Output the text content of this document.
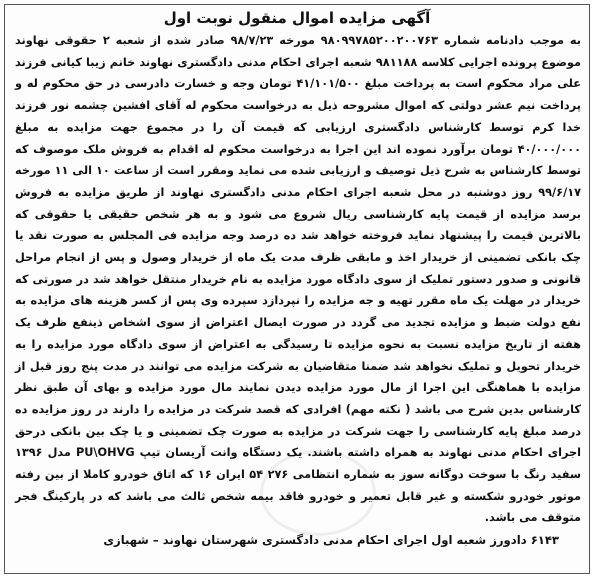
آگهی مزایده اموال منقول نوبت اول

به موجب دادنامه شماره ۹۸۰۹۹۷۸۵۲۰۰۲۰۰۷۶۳ مورخه ۹۸/۷/۲۳ صادر شده از شعبه ۲ حقوقی نهاوند موضوع پرونده اجرایی کلاسه ۹۸۱۱۸۸ شعبه اجرای احکام مدنی دادگستری نهاوند خانم زیبا کیانی فرزند علی مراد محکوم است به پرداخت مبلغ ۴۱/۱۰۱/۵۰۰ تومان وجه و خسارت دادرسی در حق محکوم له و پرداخت نیم عشر دولتی که اموال مشروحه ذیل به درخواست محکوم له آقای افشین چشمه نور فرزند خدا کرم توسط کارشناس دادگستری ارزیابی که قیمت آن را در مجموع جهت مزایده به مبلغ ۴۰/۰۰۰/۰۰۰ تومان برآورد نموده اند این اجرا به درخواست محکوم له اقدام به فروش ملک موصوف که توسط کارشناس به شرح ذیل توصیف و ارزیابی شده می نماید ومقرر است از ساعت ۱۰ الی ۱۱ مورخه ۹۹/۶/۱۷ روز دوشنبه در محل شعبه اجرای احکام مدنی دادگستری نهاوند از طریق مزایده به فروش برسد مزایده از قیمت پایه کارشناسی ریال شروع می شود و به هر شخص حقیقی یا حقوقی که بالاترین قیمت را پیشنهاد نماید فروخته خواهد شد ده درصد وجه مزایده فی المجلس به صورت نقد یا چک بانکی تضمینی از خریدار اخذ و مابقی ظرف مدت یک ماه از خریدار وصول و پس از انجام مراحل قانونی و صدور دستور تملیک از سوی دادگاه مورد مزایده به نام خریدار منتقل خواهد شد در صورتی که خریدار در مهلت یک ماه مقرر تهیه و جه مزایده را نپردازد سپرده وی پس از کسر هزینه های مزایده به نفع دولت ضبط و مزایده تجدید می گردد در صورت ایصال اعتراض از سوی اشخاص ذینفع ظرف یک هفته از تاریخ مزایده نسبت به نحوه مزایده تا رسیدگی به اعتراض از سوی دادگاه مورد مزایده را به خریدار تحویل و تملیک نخواهد شد ضمنا متقاضیان به شرکت مزایده می توانند در مدت پنج روز قبل از مزایده با هماهنگی این اجرا از مال مورد مزایده دیدن نمایند مال مورد مزایده و بهای آن طبق نظر کارشناس بدین شرح می باشد ( نکته مهم) افرادی که قصد شرکت در مزایده را دارند در روز مزایده ده درصد مبلغ پایه کارشناسی را جهت شرکت در مزایده به صورت چک تضمینی و یا چک بین بانکی درحق اجرای احکام مدنی نهاوند به همراه داشته باشند. یک دستگاه وانت آریسان تیپ PU\OHVG مدل ۱۳۹۶ سفید رنگ با سوخت دوگانه سوز به شماره انتظامی ۲۷۶ ۵۴ ایران ۱۶ که اتاق خودرو کاملا از بین رفته موتور خودرو شکسته و غیر قابل تعمیر و خودرو فاقد بیمه شخص ثالث می باشد که در پارکینگ فجر متوقف می باشد.

۶۱۴۳ دادورز شعبه اول اجرای احکام مدنی دادگستری شهرستان نهاوند – شهبازی
